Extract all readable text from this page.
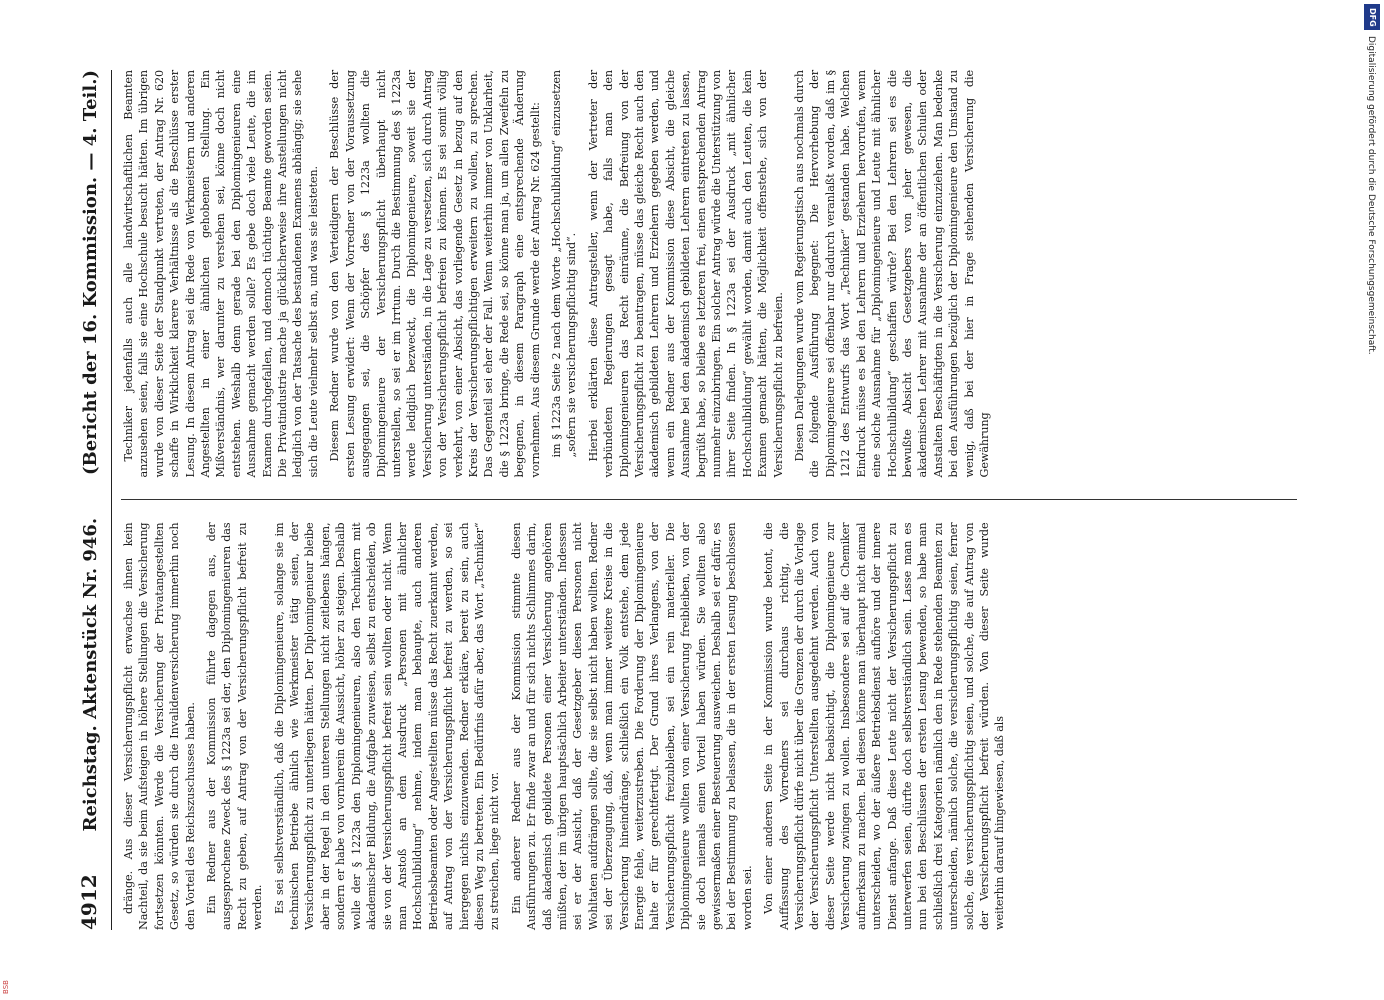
4912
Reichstag. Aktenstück Nr. 946.
(Bericht der 16. Kommission. — 4. Teil.)

dränge. Aus dieser Versicherungspflicht erwachse ihnen kein Nachteil, da sie beim Aufsteigen in höhere Stellungen die Versicherung fortsetzen könnten. Werde die Versicherung der Privatangestellten Gesetz, so würden sie durch die Invalidenversicherung immerhin noch den Vorteil des Reichszuschusses haben. Ein Redner aus der Kommission führte dagegen aus, der ausgesprochene Zweck des § 1223a sei der, den Diplomingenieuren das Recht zu geben, auf Antrag von der Versicherungspflicht befreit zu werden. Es sei selbstverständlich, daß die Diplomingenieure, solange sie im technischen Betriebe ähnlich wie Werkmeister tätig seien, der Versicherungspflicht zu unterliegen hätten. Der Diplomingenieur bleibe aber in der Regel in den unteren Stellungen nicht zeitlebens hängen, sondern er habe von vornherein die Aussicht, höher zu steigen. Deshalb wolle der § 1223a den Diplomingenieuren, also den Technikern mit akademischer Bildung, die Aufgabe zuweisen, selbst zu entscheiden, ob sie von der Versicherungspflicht befreit sein wollten oder nicht. Wenn man Anstoß an dem Ausdruck „Personen mit ähnlicher Hochschulbildung“ nehme, indem man behaupte, auch anderen Betriebsbeamten oder Angestellten müsse das Recht zuerkannt werden, auf Antrag von der Versicherungspflicht befreit zu werden, so sei hiergegen nichts einzuwenden. Redner erkläre, bereit zu sein, auch diesen Weg zu betreten. Ein Bedürfnis dafür aber, das Wort „Techniker“ zu streichen, liege nicht vor. Ein anderer Redner aus der Kommission stimmte diesen Ausführungen zu. Er finde zwar an und für sich nichts Schlimmes darin, daß akademisch gebildete Personen einer Versicherung angehören müßten, der im übrigen hauptsächlich Arbeiter unterständen. Indessen sei er der Ansicht, daß der Gesetzgeber diesen Personen nicht Wohltaten aufdrängen sollte, die sie selbst nicht haben wollten. Redner sei der Überzeugung, daß, wenn man immer weitere Kreise in die Versicherung hineindränge, schließlich ein Volk entstehe, dem jede Energie fehle, weiterzustreben. Die Forderung der Diplomingenieure halte er für gerechtfertigt. Der Grund ihres Verlangens, von der Versicherungspflicht freizubleiben, sei ein rein materieller. Die Diplomingenieure wollten von einer Versicherung freibleiben, von der sie doch niemals einen Vorteil haben würden. Sie wollten also gewissermaßen einer Besteuerung ausweichen. Deshalb sei er dafür, es bei der Bestimmung zu belassen, die in der ersten Lesung beschlossen worden sei. Von einer anderen Seite in der Kommission wurde betont, die Auffassung des Vorredners sei durchaus richtig, die Versicherungspflicht dürfe nicht über die Grenzen der durch die Vorlage der Versicherungspflicht Unterstellten ausgedehnt werden. Auch von dieser Seite werde nicht beabsichtigt, die Diplomingenieure zur Versicherung zwingen zu wollen. Insbesondere sei auf die Chemiker aufmerksam zu machen. Bei diesen könne man überhaupt nicht einmal unterscheiden, wo der äußere Betriebsdienst aufhöre und der innere Dienst anfange. Daß diese Leute nicht der Versicherungspflicht zu unterwerfen seien, dürfte doch selbstverständlich sein. Lasse man es nun bei den Beschlüssen der ersten Lesung bewenden, so habe man schließlich drei Kategorien nämlich den in Rede stehenden Beamten zu unterscheiden, nämlich solche, die versicherungspflichtig seien, ferner solche, die versicherungspflichtig seien, und solche, die auf Antrag von der Versicherungspflicht befreit würden. Von dieser Seite wurde weiterhin darauf hingewiesen, daß als

Techniker jedenfalls auch alle landwirtschaftlichen Beamten anzusehen seien, falls sie eine Hochschule besucht hätten. Im übrigen wurde von dieser Seite der Standpunkt vertreten, der Antrag Nr. 620 schaffe in Wirklichkeit klarere Verhältnisse als die Beschlüsse erster Lesung. In diesem Antrag sei die Rede von Werkmeistern und anderen Angestellten in einer ähnlichen gehobenen Stellung. Ein Mißverständnis, wer darunter zu verstehen sei, könne doch nicht entstehen. Weshalb denn gerade bei den Diplomingenieuren eine Ausnahme gemacht werden solle? Es gebe doch viele Leute, die im Examen durchgefallen, und dennoch tüchtige Beamte geworden seien. Die Privatindustrie mache ja glücklicherweise ihre Anstellungen nicht lediglich von der Tatsache des bestandenen Examens abhängig; sie sehe sich die Leute vielmehr selbst an, und was sie leisteten. Diesem Redner wurde von den Verteidigern der Beschlüsse der ersten Lesung erwidert: Wenn der Vorredner von der Voraussetzung ausgegangen sei, die Schöpfer des § 1223a wollten die Diplomingenieure der Versicherungspflicht überhaupt nicht unterstellen, so sei er im Irrtum. Durch die Bestimmung des § 1223a werde lediglich bezweckt, die Diplomingenieure, soweit sie der Versicherung unterständen, in die Lage zu versetzen, sich durch Antrag von der Versicherungspflicht befreien zu können. Es sei somit völlig verkehrt, von einer Absicht, das vorliegende Gesetz in bezug auf den Kreis der Versicherungspflichtigen erweitern zu wollen, zu sprechen. Das Gegenteil sei eher der Fall. Wenn weiterhin immer von Unklarheit, die § 1223a bringe, die Rede sei, so könne man ja, um allen Zweifeln zu begegnen, in diesem Paragraph eine entsprechende Änderung vornehmen. Aus diesem Grunde werde der Antrag Nr. 624 gestellt: im § 1223a Seite 2 nach dem Worte „Hochschulbildung“ einzusetzen „sofern sie versicherungspflichtig sind“. Hierbei erklärten diese Antragsteller, wenn der Vertreter der verbündeten Regierungen gesagt habe, falls man den Diplomingenieuren das Recht einräume, die Befreiung von der Versicherungspflicht zu beantragen, müsse das gleiche Recht auch den akademisch gebildeten Lehrern und Erziehern gegeben werden, und wenn ein Redner aus der Kommission diese Absicht, die gleiche Ausnahme bei den akademisch gebildeten Lehrern eintreten zu lassen, begrüßt habe, so bleibe es letzteren frei, einen entsprechenden Antrag nunmehr einzubringen. Ein solcher Antrag würde die Unterstützung von ihrer Seite finden. In § 1223a sei der Ausdruck „mit ähnlicher Hochschulbildung“ gewählt worden, damit auch den Leuten, die kein Examen gemacht hätten, die Möglichkeit offenstehe, sich von der Versicherungspflicht zu befreien. Diesen Darlegungen wurde vom Regierungstisch aus nochmals durch die folgende Ausführung begegnet: Die Hervorhebung der Diplomingenieure sei offenbar nur dadurch veranlaßt worden, daß im § 1212 des Entwurfs das Wort „Techniker“ gestanden habe. Welchen Eindruck müsse es bei den Lehrern und Erziehern hervorrufen, wenn eine solche Ausnahme für „Diplomingenieure und Leute mit ähnlicher Hochschulbildung“ geschaffen würde? Bei den Lehrern sei es die bewußte Absicht des Gesetzgebers von jeher gewesen, die akademischen Lehrer mit Ausnahme der an öffentlichen Schulen oder Anstalten Beschäftigten in die Versicherung einzuziehen. Man bedenke bei den Ausführungen bezüglich der Diplomingenieure den Umstand zu wenig, daß bei der hier in Frage stehenden Versicherung die Gewährung

DFG
Digitalisierung gefördert durch die Deutsche Forschungsgemeinschaft.
BSB
